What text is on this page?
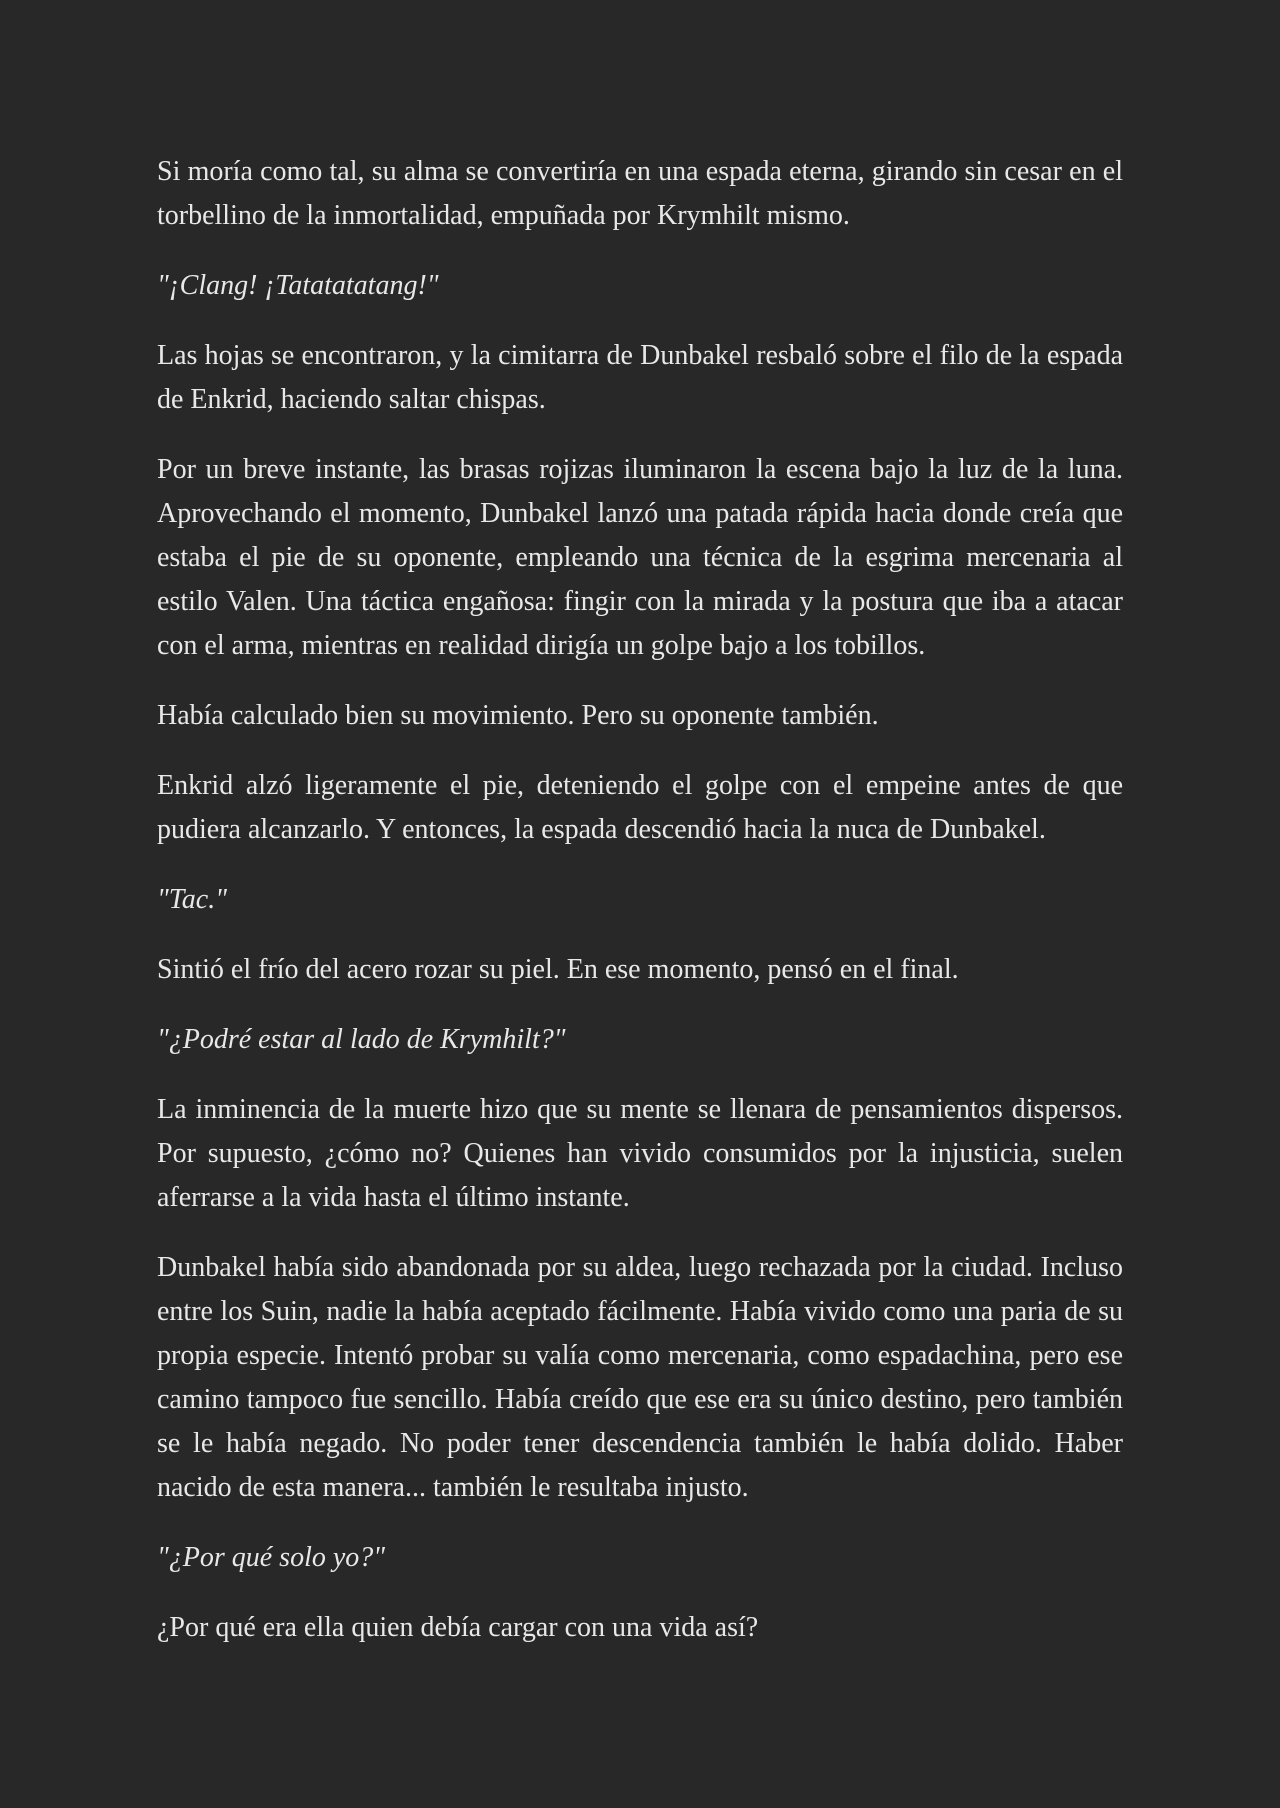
Si moría como tal, su alma se convertiría en una espada eterna, girando sin cesar en el torbellino de la inmortalidad, empuñada por Krymhilt mismo.

"¡Clang! ¡Tatatatatang!"

Las hojas se encontraron, y la cimitarra de Dunbakel resbaló sobre el filo de la espada de Enkrid, haciendo saltar chispas.

Por un breve instante, las brasas rojizas iluminaron la escena bajo la luz de la luna. Aprovechando el momento, Dunbakel lanzó una patada rápida hacia donde creía que estaba el pie de su oponente, empleando una técnica de la esgrima mercenaria al estilo Valen. Una táctica engañosa: fingir con la mirada y la postura que iba a atacar con el arma, mientras en realidad dirigía un golpe bajo a los tobillos.

Había calculado bien su movimiento. Pero su oponente también.

Enkrid alzó ligeramente el pie, deteniendo el golpe con el empeine antes de que pudiera alcanzarlo. Y entonces, la espada descendió hacia la nuca de Dunbakel.

"Tac."

Sintió el frío del acero rozar su piel. En ese momento, pensó en el final.

"¿Podré estar al lado de Krymhilt?"

La inminencia de la muerte hizo que su mente se llenara de pensamientos dispersos. Por supuesto, ¿cómo no? Quienes han vivido consumidos por la injusticia, suelen aferrarse a la vida hasta el último instante.

Dunbakel había sido abandonada por su aldea, luego rechazada por la ciudad. Incluso entre los Suin, nadie la había aceptado fácilmente. Había vivido como una paria de su propia especie. Intentó probar su valía como mercenaria, como espadachina, pero ese camino tampoco fue sencillo. Había creído que ese era su único destino, pero también se le había negado. No poder tener descendencia también le había dolido. Haber nacido de esta manera... también le resultaba injusto.

"¿Por qué solo yo?"

¿Por qué era ella quien debía cargar con una vida así?
